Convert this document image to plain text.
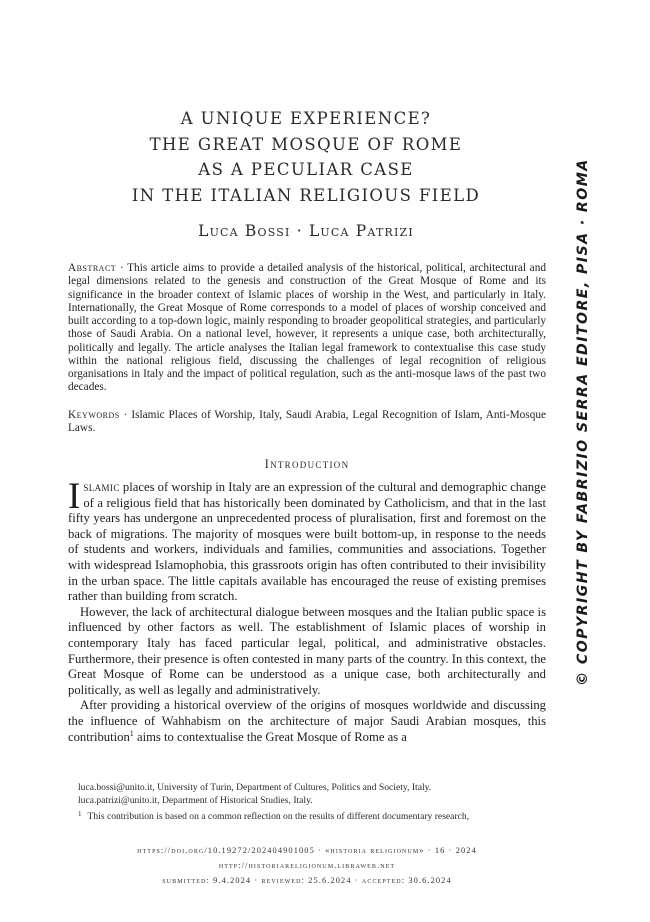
A UNIQUE EXPERIENCE?
THE GREAT MOSQUE OF ROME
AS A PECULIAR CASE
IN THE ITALIAN RELIGIOUS FIELD
Luca Bossi · Luca Patrizi
Abstract · This article aims to provide a detailed analysis of the historical, political, architectural and legal dimensions related to the genesis and construction of the Great Mosque of Rome and its significance in the broader context of Islamic places of worship in the West, and particularly in Italy. Internationally, the Great Mosque of Rome corresponds to a model of places of worship conceived and built according to a top-down logic, mainly responding to broader geopolitical strategies, and particularly those of Saudi Arabia. On a national level, however, it represents a unique case, both architecturally, politically and legally. The article analyses the Italian legal framework to contextualise this case study within the national religious field, discussing the challenges of legal recognition of religious organisations in Italy and the impact of political regulation, such as the anti-mosque laws of the past two decades.
Keywords · Islamic Places of Worship, Italy, Saudi Arabia, Legal Recognition of Islam, Anti-Mosque Laws.
Introduction

Islamic places of worship in Italy are an expression of the cultural and demographic change of a religious field that has historically been dominated by Catholicism, and that in the last fifty years has undergone an unprecedented process of pluralisation, first and foremost on the back of migrations. The majority of mosques were built bottom-up, in response to the needs of students and workers, individuals and families, communities and associations. Together with widespread Islamophobia, this grassroots origin has often contributed to their invisibility in the urban space. The little capitals available has encouraged the reuse of existing premises rather than building from scratch.

However, the lack of architectural dialogue between mosques and the Italian public space is influenced by other factors as well. The establishment of Islamic places of worship in contemporary Italy has faced particular legal, political, and administrative obstacles. Furthermore, their presence is often contested in many parts of the country. In this context, the Great Mosque of Rome can be understood as a unique case, both architecturally and politically, as well as legally and administratively.

After providing a historical overview of the origins of mosques worldwide and discussing the influence of Wahhabism on the architecture of major Saudi Arabian mosques, this contribution$^1$ aims to contextualise the Great Mosque of Rome as a

luca.bossi@unito.it, University of Turin, Department of Cultures, Politics and Society, Italy.
luca.patrizi@unito.it, Department of Historical Studies, Italy.
$^1$ This contribution is based on a common reflection on the results of different documentary research,
https://doi.org/10.19272/202404901005 · «historia religionum» · 16 · 2024
http://historiareligionum.libraweb.net
submitted: 9.4.2024 · reviewed: 25.6.2024 · accepted: 30.6.2024
© COPYRIGHT BY FABRIZIO SERRA EDITORE, PISA · ROMA
